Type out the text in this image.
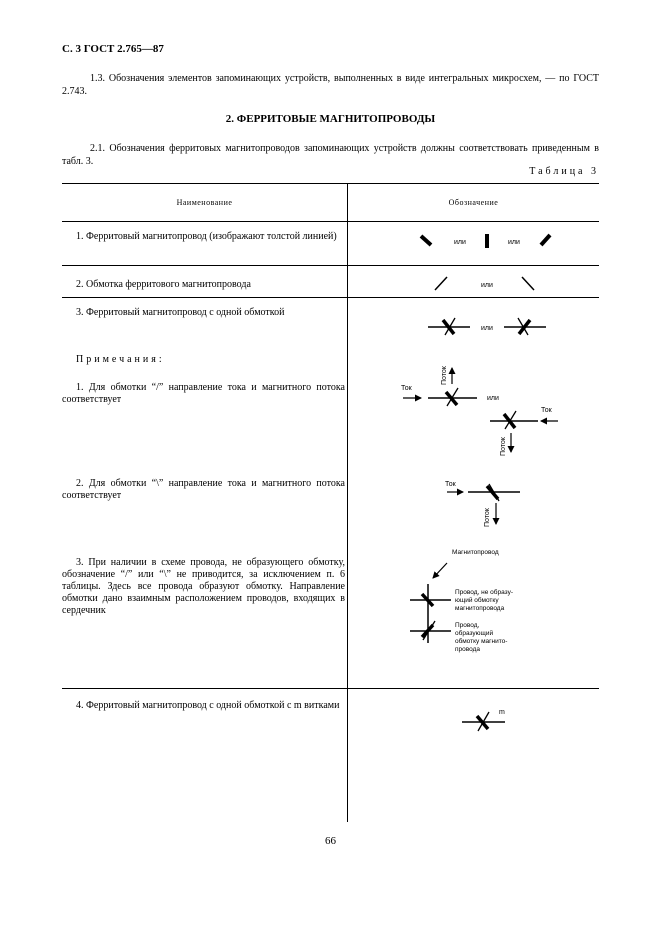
С. 3 ГОСТ 2.765—87
1.3. Обозначения элементов запоминающих устройств, выполненных в виде интегральных микросхем, — по ГОСТ 2.743.
2. ФЕРРИТОВЫЕ МАГНИТОПРОВОДЫ
2.1. Обозначения ферритовых магнитопроводов запоминающих устройств должны соответствовать приведенным в табл. 3.
Таблица 3
Наименование	Обозначение
1. Ферритовый магнитопровод (изображают толстой линией)
2. Обмотка ферритового магнитопровода
3. Ферритовый магнитопровод с одной обмоткой
Примечания:
1. Для обмотки “/” направление тока и магнитного потока соответствует
2. Для обмотки “\” направление тока и магнитного потока соответствует
3. При наличии в схеме провода, не образующего обмотку, обозначение “/” или “\” не приводится, за исключением п. 6 таблицы. Здесь все провода образуют обмотку. Направление обмотки дано взаимным расположением проводов, входящих в сердечник
4. Ферритовый магнитопровод с одной обмоткой с m витками
или	или
или
или
Ток
Поток
или
Ток
Поток
Ток
Поток
Магнитопровод
Провод, не образу- ющий обмотку магнитопровода
Провод, образующий обмотку магнито- провода
m
66
